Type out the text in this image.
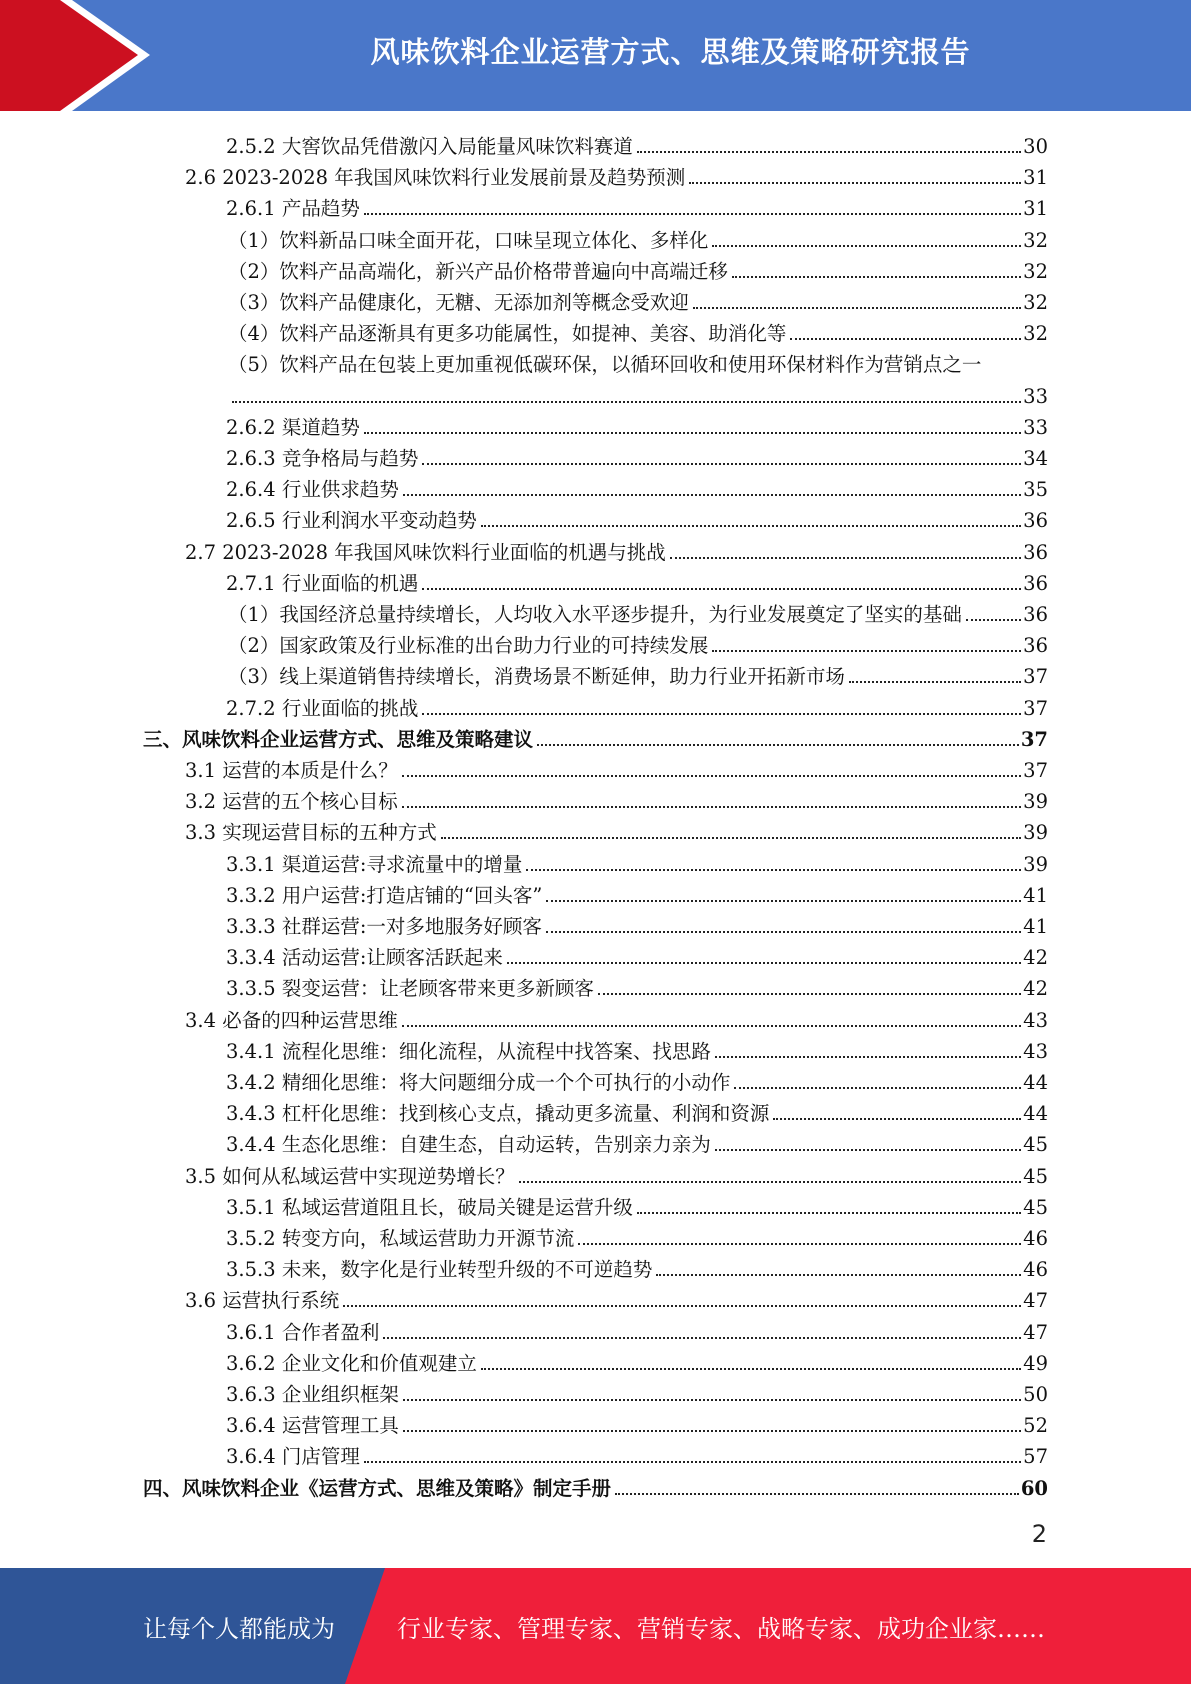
风味饮料企业运营方式、思维及策略研究报告
2.5.2 大窖饮品凭借激闪入局能量风味饮料赛道	30
2.6 2023-2028 年我国风味饮料行业发展前景及趋势预测	31
2.6.1 产品趋势	31
（1）饮料新品口味全面开花，口味呈现立体化、多样化	32
（2）饮料产品高端化，新兴产品价格带普遍向中高端迁移	32
（3）饮料产品健康化，无糖、无添加剂等概念受欢迎	32
（4）饮料产品逐渐具有更多功能属性，如提神、美容、助消化等	32
（5）饮料产品在包装上更加重视低碳环保，以循环回收和使用环保材料作为营销点之一
33
2.6.2 渠道趋势	33
2.6.3 竞争格局与趋势	34
2.6.4 行业供求趋势	35
2.6.5 行业利润水平变动趋势	36
2.7 2023-2028 年我国风味饮料行业面临的机遇与挑战	36
2.7.1 行业面临的机遇	36
（1）我国经济总量持续增长，人均收入水平逐步提升，为行业发展奠定了坚实的基础	36
（2）国家政策及行业标准的出台助力行业的可持续发展	36
（3）线上渠道销售持续增长，消费场景不断延伸，助力行业开拓新市场	37
2.7.2 行业面临的挑战	37
三、风味饮料企业运营方式、思维及策略建议	37
3.1 运营的本质是什么？	37
3.2 运营的五个核心目标	39
3.3 实现运营目标的五种方式	39
3.3.1 渠道运营:寻求流量中的增量	39
3.3.2 用户运营:打造店铺的“回头客”	41
3.3.3 社群运营:一对多地服务好顾客	41
3.3.4 活动运营:让顾客活跃起来	42
3.3.5 裂变运营：让老顾客带来更多新顾客	42
3.4 必备的四种运营思维	43
3.4.1 流程化思维：细化流程，从流程中找答案、找思路	43
3.4.2 精细化思维：将大问题细分成一个个可执行的小动作	44
3.4.3 杠杆化思维：找到核心支点，撬动更多流量、利润和资源	44
3.4.4 生态化思维：自建生态，自动运转，告别亲力亲为	45
3.5 如何从私域运营中实现逆势增长？	45
3.5.1 私域运营道阻且长，破局关键是运营升级	45
3.5.2 转变方向，私域运营助力开源节流	46
3.5.3 未来，数字化是行业转型升级的不可逆趋势	46
3.6 运营执行系统	47
3.6.1 合作者盈利	47
3.6.2 企业文化和价值观建立	49
3.6.3 企业组织框架	50
3.6.4 运营管理工具	52
3.6.4 门店管理	57
四、风味饮料企业《运营方式、思维及策略》制定手册	60
2
让每个人都能成为	行业专家、管理专家、营销专家、战略专家、成功企业家……
